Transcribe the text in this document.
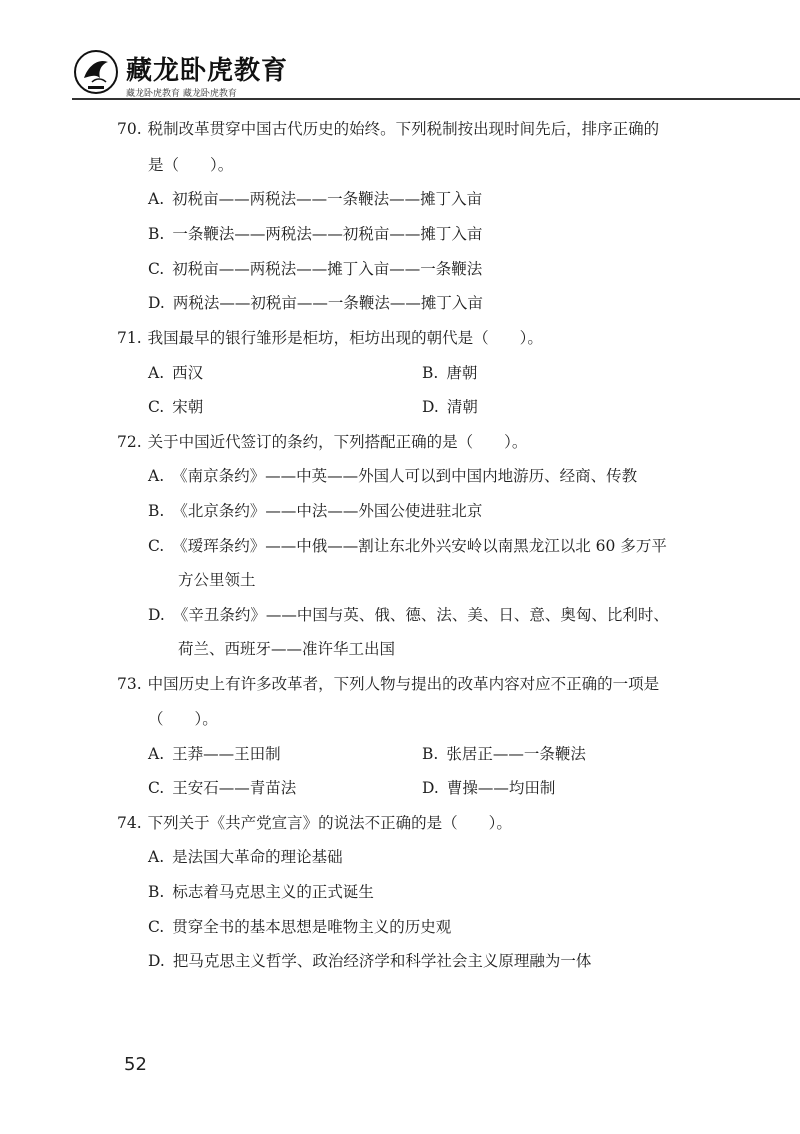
藏龙卧虎教育
藏龙卧虎教育 藏龙卧虎教育
70. 税制改革贯穿中国古代历史的始终。下列税制按出现时间先后，排序正确的
是（　　）。
A. 初税亩——两税法——一条鞭法——摊丁入亩
B. 一条鞭法——两税法——初税亩——摊丁入亩
C. 初税亩——两税法——摊丁入亩——一条鞭法
D. 两税法——初税亩——一条鞭法——摊丁入亩
71. 我国最早的银行雏形是柜坊，柜坊出现的朝代是（　　）。
A. 西汉	B. 唐朝
C. 宋朝	D. 清朝
72. 关于中国近代签订的条约，下列搭配正确的是（　　）。
A. 《南京条约》——中英——外国人可以到中国内地游历、经商、传教
B. 《北京条约》——中法——外国公使进驻北京
C. 《瑷珲条约》——中俄——割让东北外兴安岭以南黑龙江以北 60 多万平
方公里领土
D. 《辛丑条约》——中国与英、俄、德、法、美、日、意、奥匈、比利时、
荷兰、西班牙——准许华工出国
73. 中国历史上有许多改革者，下列人物与提出的改革内容对应不正确的一项是
（　　）。
A. 王莽——王田制	B. 张居正——一条鞭法
C. 王安石——青苗法	D. 曹操——均田制
74. 下列关于《共产党宣言》的说法不正确的是（　　）。
A. 是法国大革命的理论基础
B. 标志着马克思主义的正式诞生
C. 贯穿全书的基本思想是唯物主义的历史观
D. 把马克思主义哲学、政治经济学和科学社会主义原理融为一体
52
